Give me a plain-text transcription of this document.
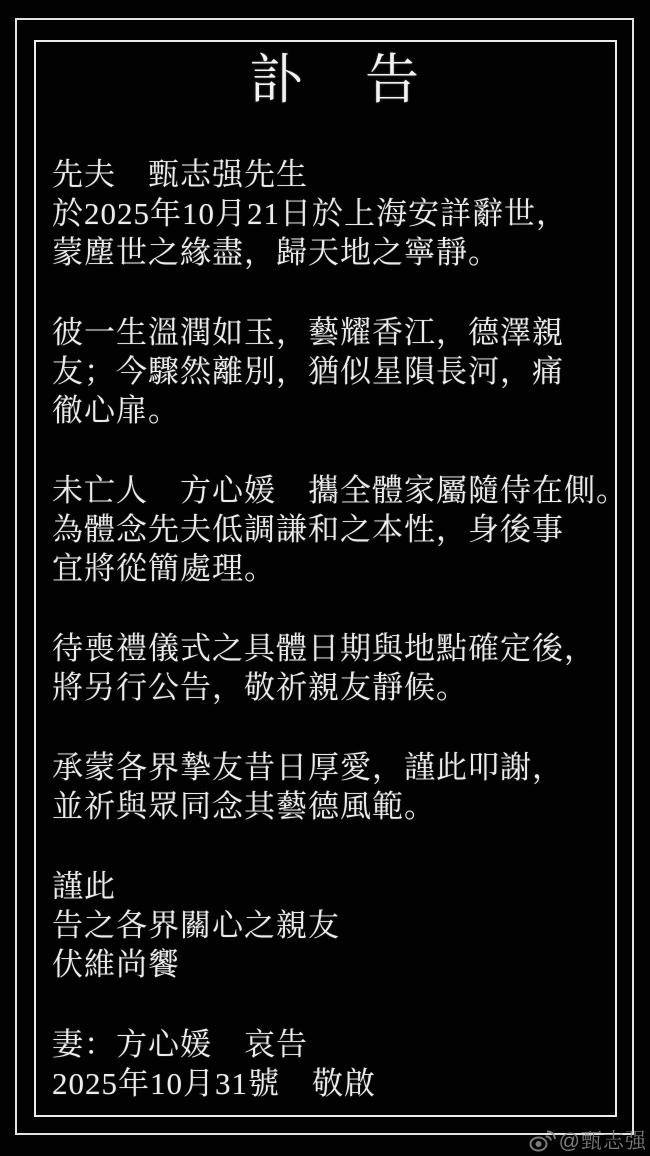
訃　告
先夫　甄志强先生
於2025年10月21日於上海安詳辭世，
蒙塵世之緣盡，歸天地之寧靜。
彼一生溫潤如玉，藝耀香江，德澤親
友；今驟然離別，猶似星隕長河，痛
徹心扉。
未亡人　方心媛　攜全體家屬隨侍在側。
為體念先夫低調謙和之本性，身後事
宜將從簡處理。
待喪禮儀式之具體日期與地點確定後，
將另行公告，敬祈親友靜候。
承蒙各界摯友昔日厚愛，謹此叩謝，
並祈與眾同念其藝德風範。
謹此
告之各界關心之親友
伏維尚饗
妻：方心媛　哀告
2025年10月31號　敬啟
@甄志强
